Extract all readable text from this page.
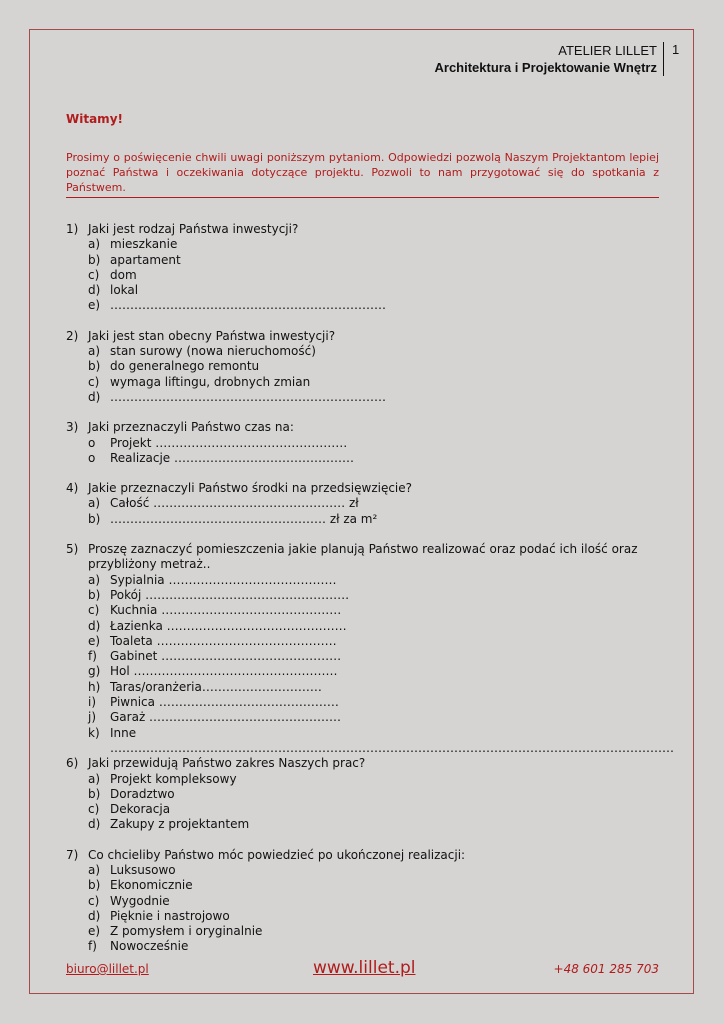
ATELIER LILLET
Architektura i Projektowanie Wnętrz
1
Witamy!
Prosimy o poświęcenie chwili uwagi poniższym pytaniom. Odpowiedzi pozwolą Naszym Projektantom lepiej poznać Państwa i oczekiwania dotyczące projektu. Pozwoli to nam przygotować się do spotkania z Państwem.
1) Jaki jest rodzaj Państwa inwestycji?
a) mieszkanie
b) apartament
c) dom
d) lokal
e) ……………………………………………………………
2) Jaki jest stan obecny Państwa inwestycji?
a) stan surowy (nowa nieruchomość)
b) do generalnego remontu
c) wymaga liftingu, drobnych zmian
d) ……………………………………………………………
3) Jaki przeznaczyli Państwo czas na:
o	Projekt …………………………………………
o	Realizacje ………………………………………
4) Jakie przeznaczyli Państwo środki na przedsięwzięcie?
a) Całość ………………………………………… zł
b) ……………………………………………… zł za m²
5) Proszę zaznaczyć pomieszczenia jakie planują Państwo realizować oraz podać ich ilość oraz przybliżony metraż..
a) Sypialnia ……………………………………
b) Pokój ……………………………………………
c) Kuchnia ………………………………………
d) Łazienka ………………………………………
e) Toaleta ………………………………………
f)	Gabinet ………………………………………
g) Hol ……………………………………………
h) Taras/oranżeria…………………………
i)	Piwnica ………………………………………
j)	Garaż …………………………………………
k) Inne ……………………………………………………………………………………………………………………………
6) Jaki przewidują Państwo zakres Naszych prac?
a) Projekt kompleksowy
b) Doradztwo
c) Dekoracja
d) Zakupy z projektantem
7) Co chcieliby Państwo móc powiedzieć po ukończonej realizacji:
a) Luksusowo
b) Ekonomicznie
c) Wygodnie
d) Pięknie i nastrojowo
e) Z pomysłem i oryginalnie
f)	Nowocześnie
biuro@lillet.pl	www.lillet.pl	+48 601 285 703
